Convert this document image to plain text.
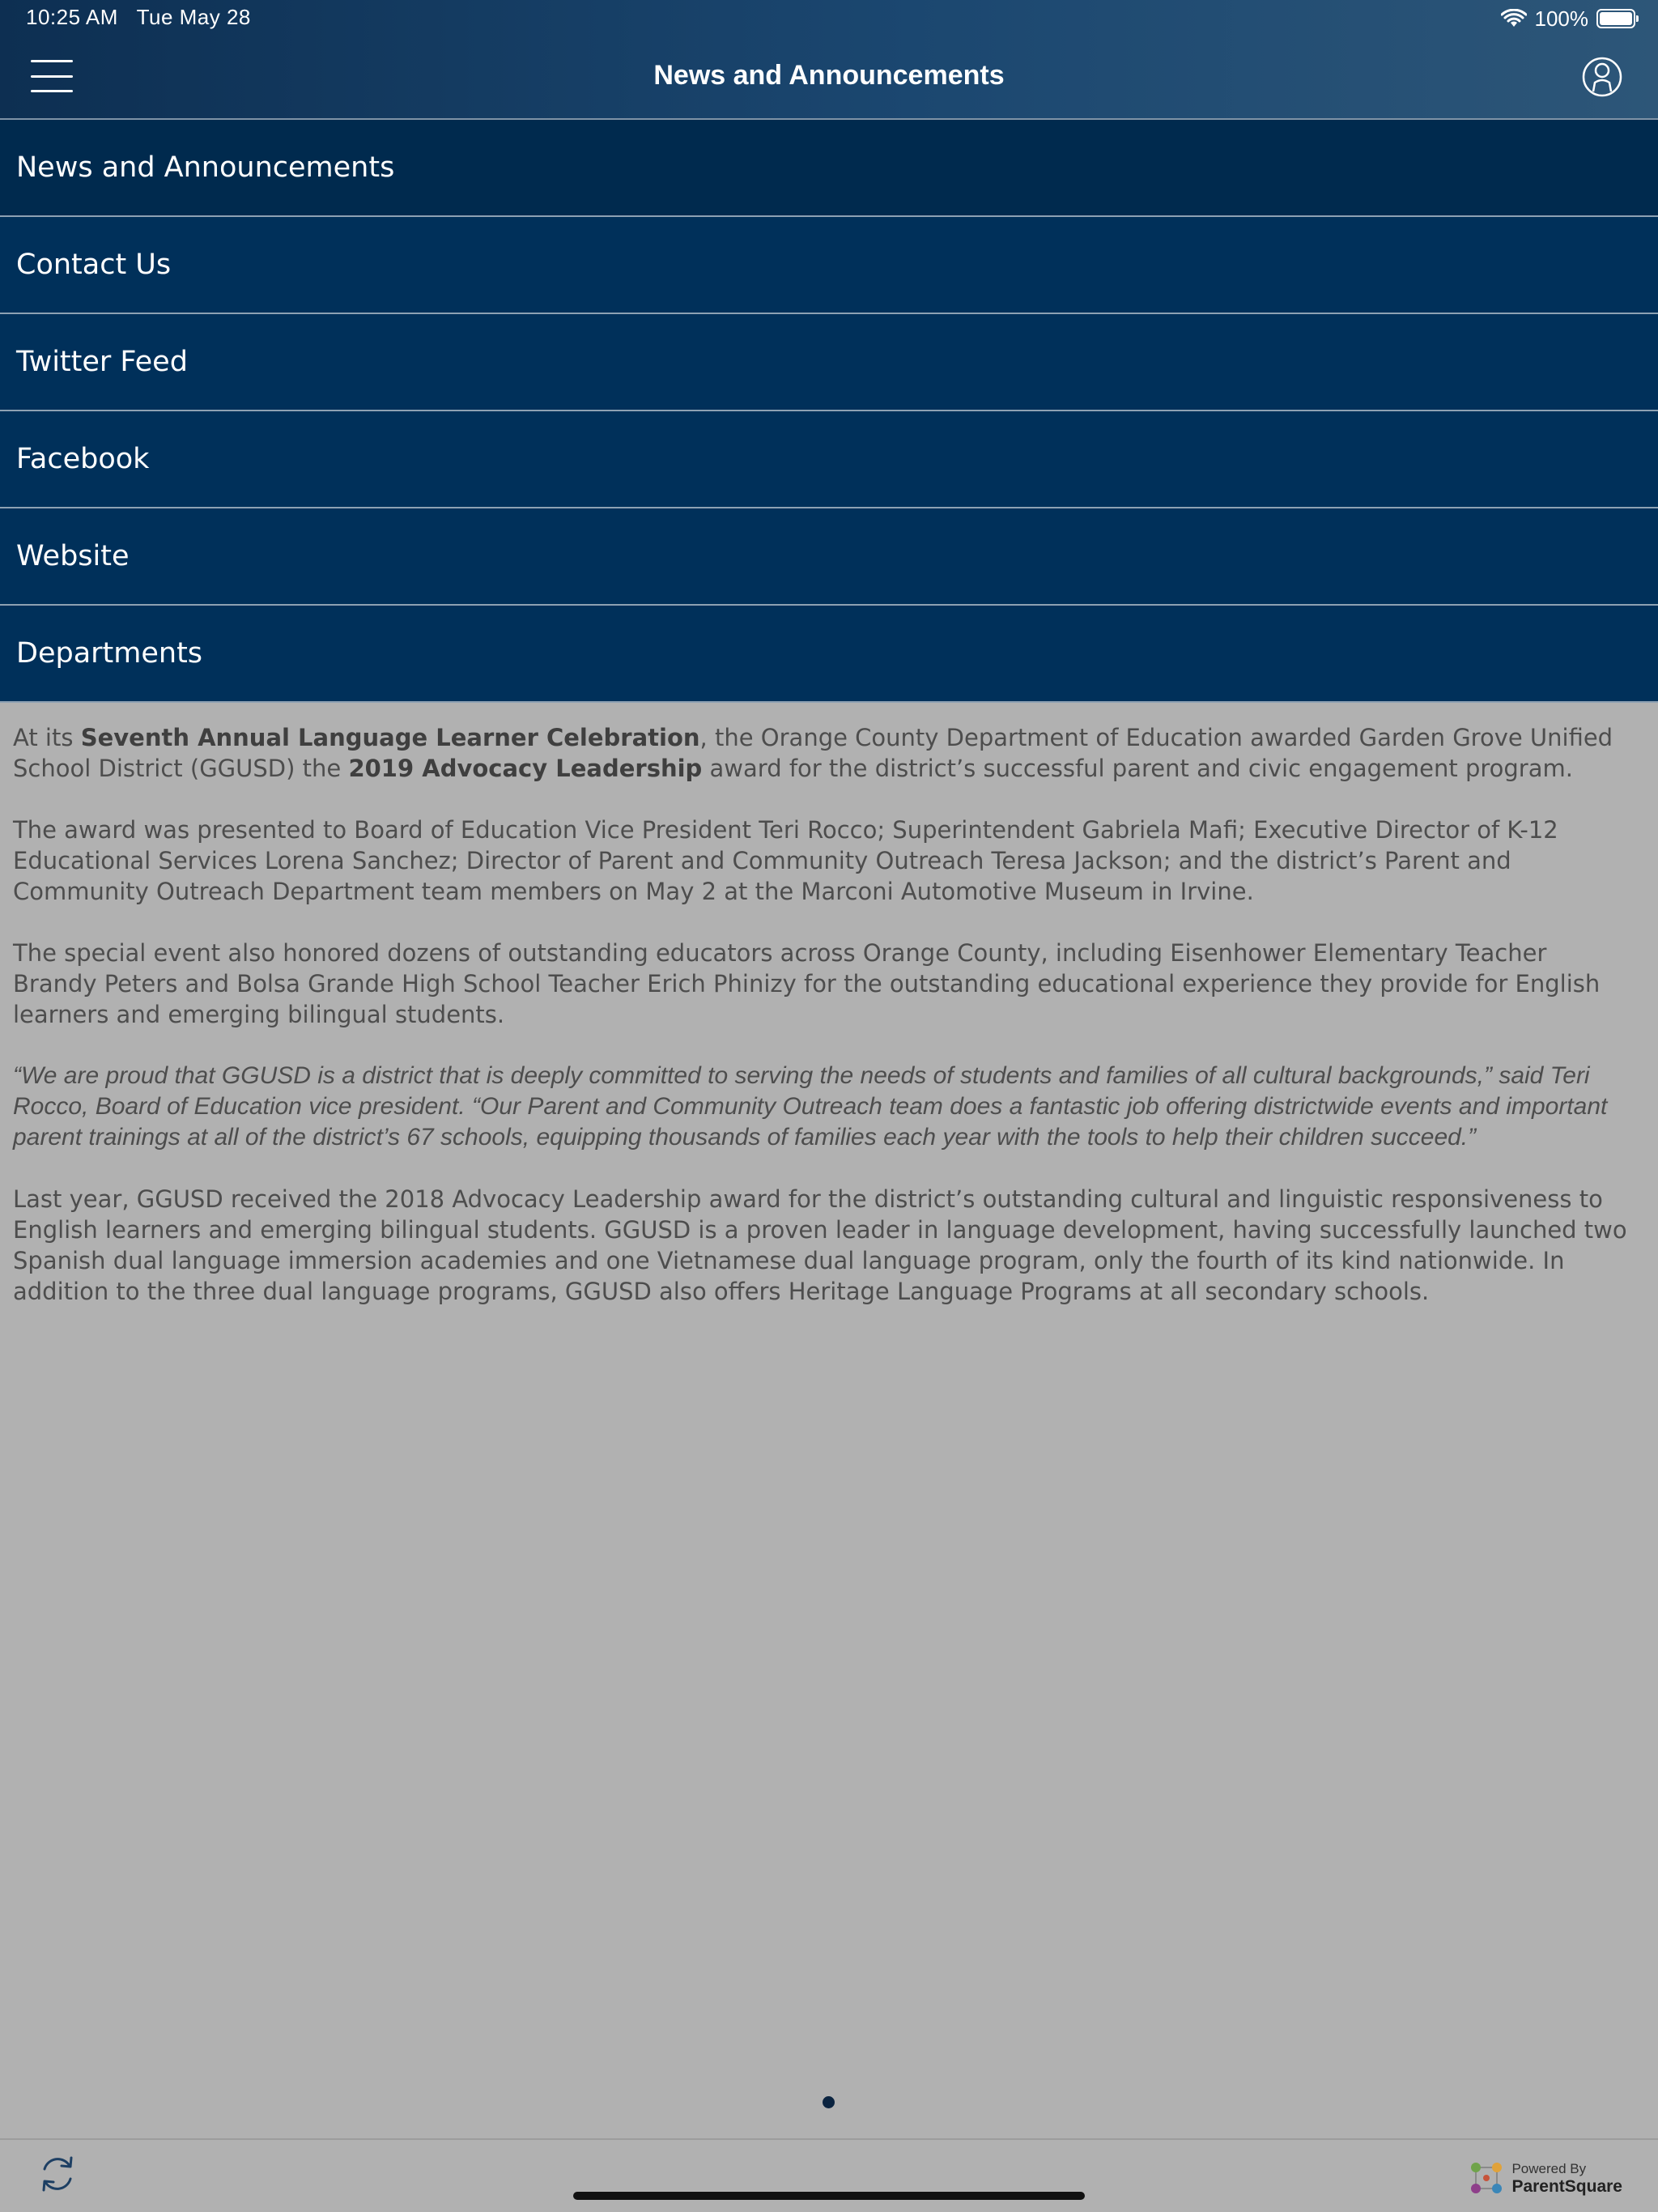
10:25 AM Tue May 28	100%
News and Announcements
News and Announcements
Contact Us
Twitter Feed
Facebook
Website
Departments

At its Seventh Annual Language Learner Celebration, the Orange County Department of Education awarded Garden Grove Unified School District (GGUSD) the 2019 Advocacy Leadership award for the district’s successful parent and civic engagement program.

The award was presented to Board of Education Vice President Teri Rocco; Superintendent Gabriela Mafi; Executive Director of K-12 Educational Services Lorena Sanchez; Director of Parent and Community Outreach Teresa Jackson; and the district’s Parent and Community Outreach Department team members on May 2 at the Marconi Automotive Museum in Irvine.

The special event also honored dozens of outstanding educators across Orange County, including Eisenhower Elementary Teacher Brandy Peters and Bolsa Grande High School Teacher Erich Phinizy for the outstanding educational experience they provide for English learners and emerging bilingual students.

“We are proud that GGUSD is a district that is deeply committed to serving the needs of students and families of all cultural backgrounds,” said Teri Rocco, Board of Education vice president. “Our Parent and Community Outreach team does a fantastic job offering districtwide events and important parent trainings at all of the district’s 67 schools, equipping thousands of families each year with the tools to help their children succeed.”

Last year, GGUSD received the 2018 Advocacy Leadership award for the district’s outstanding cultural and linguistic responsiveness to English learners and emerging bilingual students. GGUSD is a proven leader in language development, having successfully launched two Spanish dual language immersion academies and one Vietnamese dual language program, only the fourth of its kind nationwide. In addition to the three dual language programs, GGUSD also offers Heritage Language Programs at all secondary schools.

Powered By
ParentSquare
